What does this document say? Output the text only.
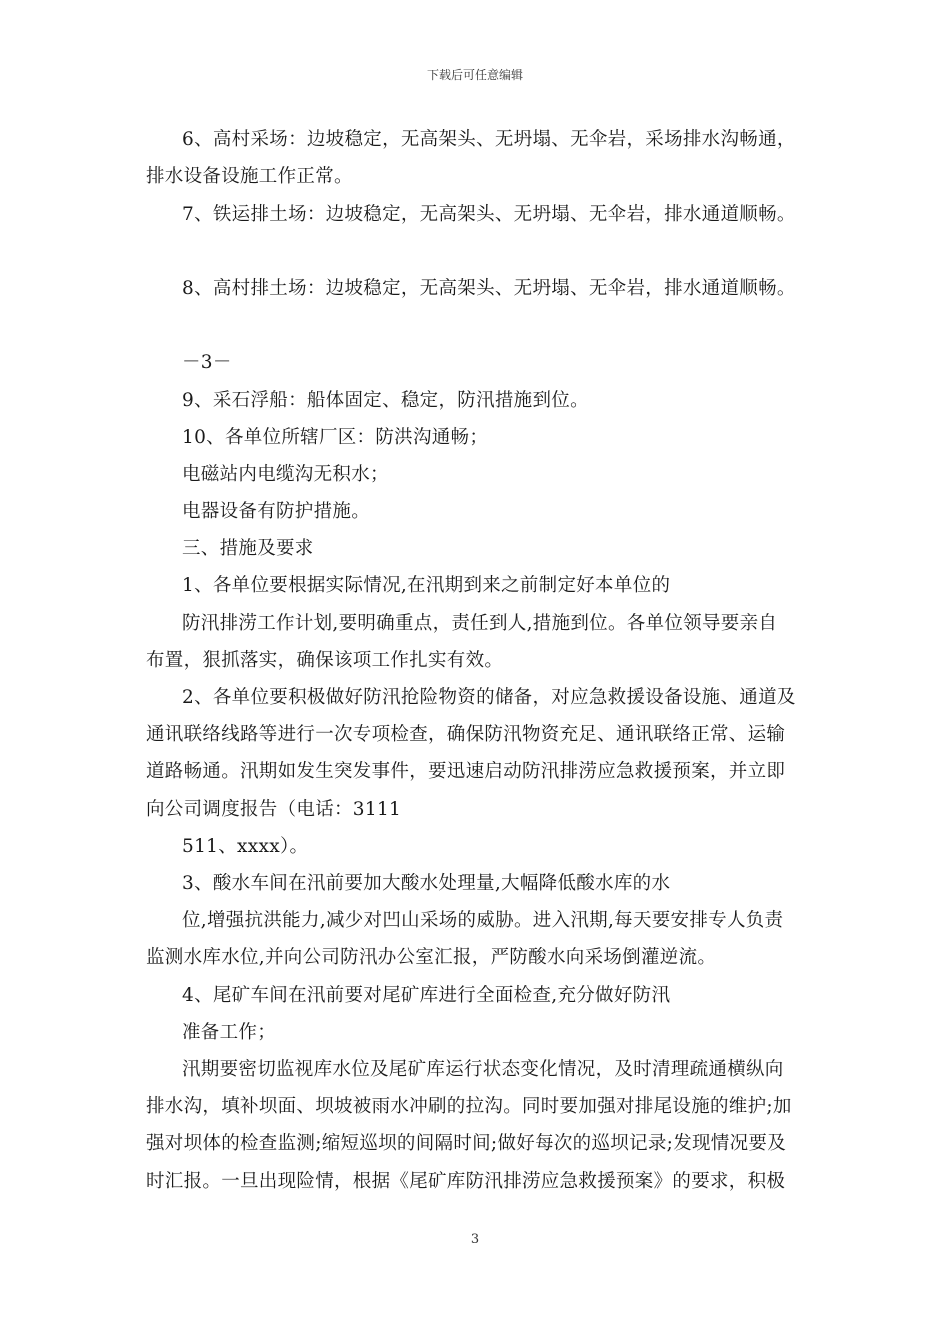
下载后可任意编辑
6、高村采场：边坡稳定，无高架头、无坍塌、无伞岩，采场排水沟畅通，
排水设备设施工作正常。
7、铁运排土场：边坡稳定，无高架头、无坍塌、无伞岩，排水通道顺畅。
8、高村排土场：边坡稳定，无高架头、无坍塌、无伞岩，排水通道顺畅。
－3－
9、采石浮船：船体固定、稳定，防汛措施到位。
10、各单位所辖厂区：防洪沟通畅；
电磁站内电缆沟无积水；
电器设备有防护措施。
三、措施及要求
1、各单位要根据实际情况,在汛期到来之前制定好本单位的
防汛排涝工作计划,要明确重点，责任到人,措施到位。各单位领导要亲自
布置，狠抓落实，确保该项工作扎实有效。
2、各单位要积极做好防汛抢险物资的储备，对应急救援设备设施、通道及
通讯联络线路等进行一次专项检查，确保防汛物资充足、通讯联络正常、运输
道路畅通。汛期如发生突发事件，要迅速启动防汛排涝应急救援预案，并立即
向公司调度报告（电话：3111
511、xxxx）。
3、酸水车间在汛前要加大酸水处理量,大幅降低酸水库的水
位,增强抗洪能力,减少对凹山采场的威胁。进入汛期,每天要安排专人负责
监测水库水位,并向公司防汛办公室汇报，严防酸水向采场倒灌逆流。
4、尾矿车间在汛前要对尾矿库进行全面检查,充分做好防汛
准备工作；
汛期要密切监视库水位及尾矿库运行状态变化情况，及时清理疏通横纵向
排水沟，填补坝面、坝坡被雨水冲刷的拉沟。同时要加强对排尾设施的维护;加
强对坝体的检查监测;缩短巡坝的间隔时间;做好每次的巡坝记录;发现情况要及
时汇报。一旦出现险情，根据《尾矿库防汛排涝应急救援预案》的要求，积极
3
